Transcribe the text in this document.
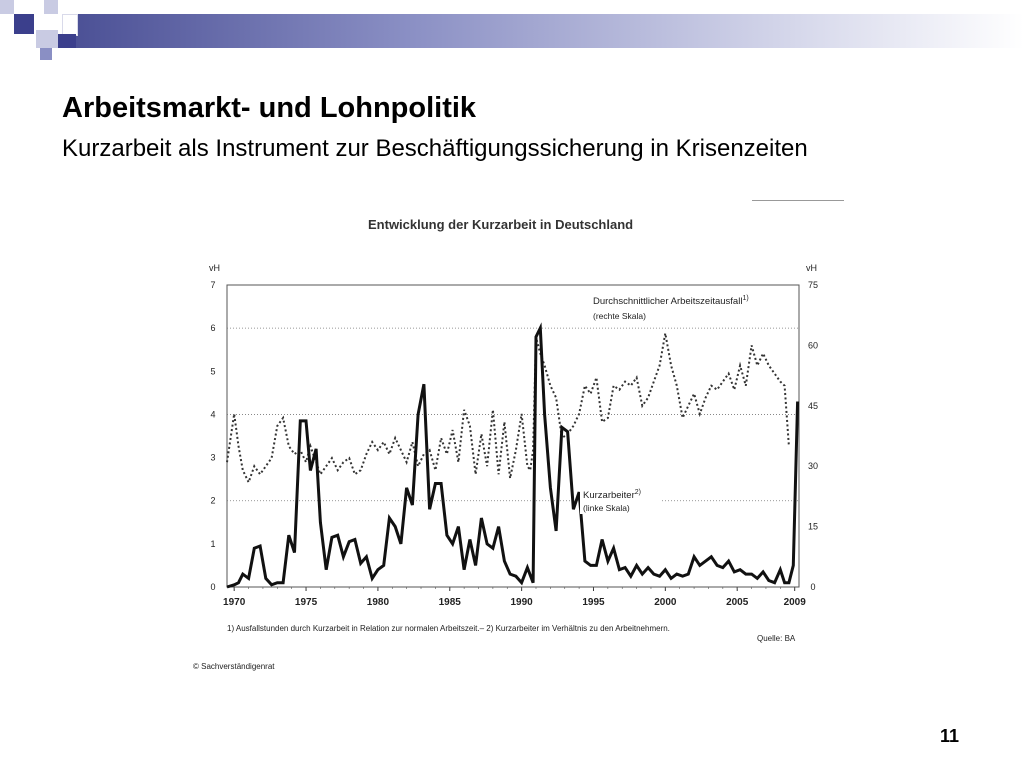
Arbeitsmarkt- und Lohnpolitik
Kurzarbeit als Instrument zur Beschäftigungssicherung in Krisenzeiten
Entwicklung der Kurzarbeit in Deutschland
vH	vH
0
1
2
3
4
5
6
7
0
15
30
45
60
75
1970	1975	1980	1985	1990	1995	2000	2005	2009
Durchschnittlicher Arbeitszeitausfall$^{1)}$
(rechte Skala)
Kurzarbeiter$^{2)}$
(linke Skala)
1) Ausfallstunden durch Kurzarbeit in Relation zur normalen Arbeitszeit.– 2) Kurzarbeiter im Verhältnis zu den Arbeitnehmern.
Quelle: BA
© Sachverständigenrat
11
